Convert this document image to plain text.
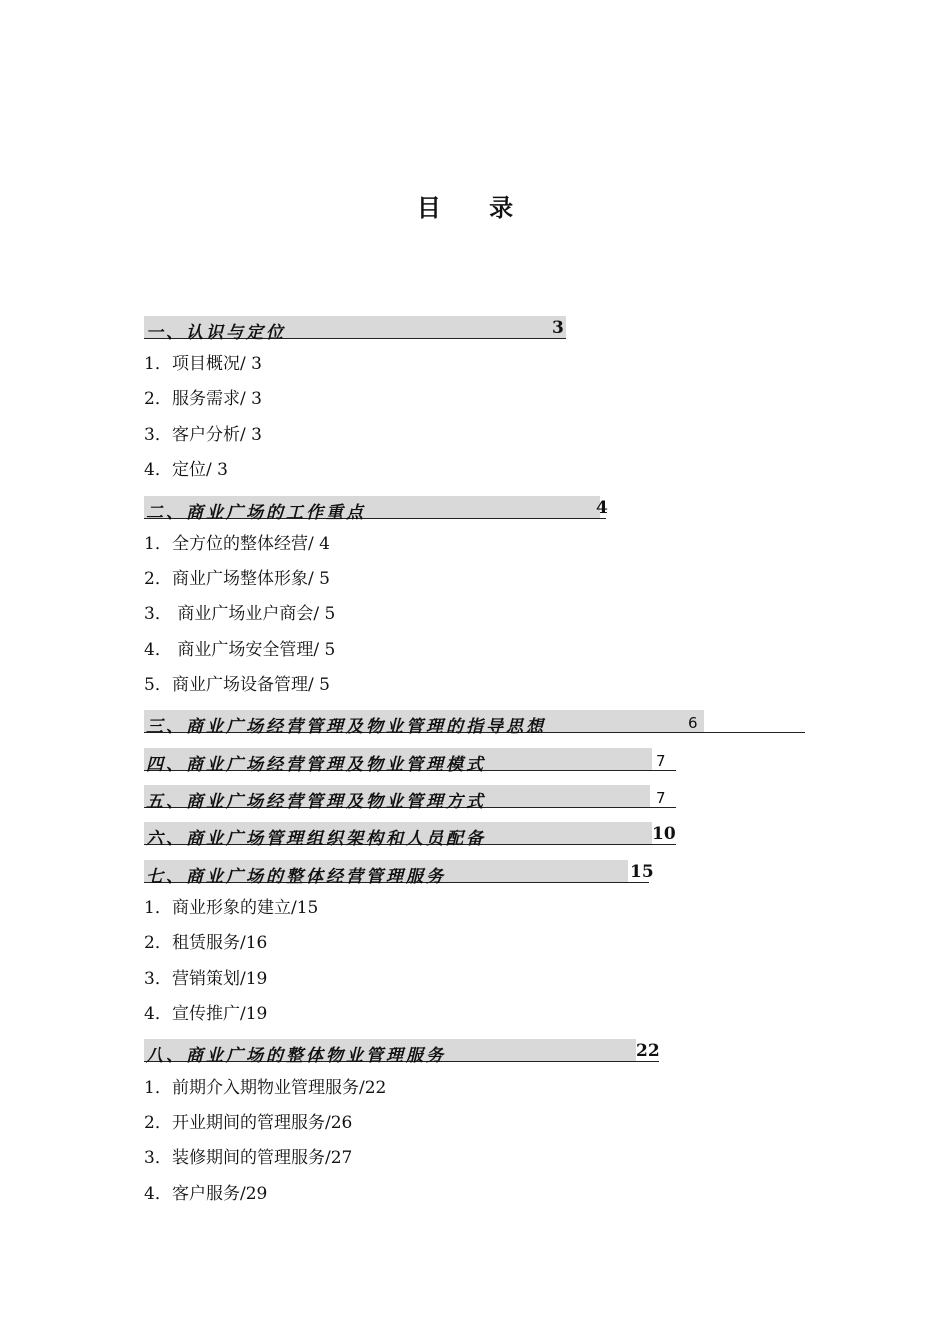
目 录
一、认识与定位	3
1．项目概况/ 3
2．服务需求/ 3
3．客户分析/ 3
4．定位/ 3
二、商业广场的工作重点	4
1．全方位的整体经营/ 4
2．商业广场整体形象/ 5
3． 商业广场业户商会/ 5
4． 商业广场安全管理/ 5
5．商业广场设备管理/ 5
三、商业广场经营管理及物业管理的指导思想	6
四、商业广场经营管理及物业管理模式	7
五、商业广场经营管理及物业管理方式	7
六、商业广场管理组织架构和人员配备	10
七、商业广场的整体经营管理服务	15
1．商业形象的建立/15
2．租赁服务/16
3．营销策划/19
4．宣传推广/19
八、商业广场的整体物业管理服务	22
1．前期介入期物业管理服务/22
2．开业期间的管理服务/26
3．装修期间的管理服务/27
4．客户服务/29
